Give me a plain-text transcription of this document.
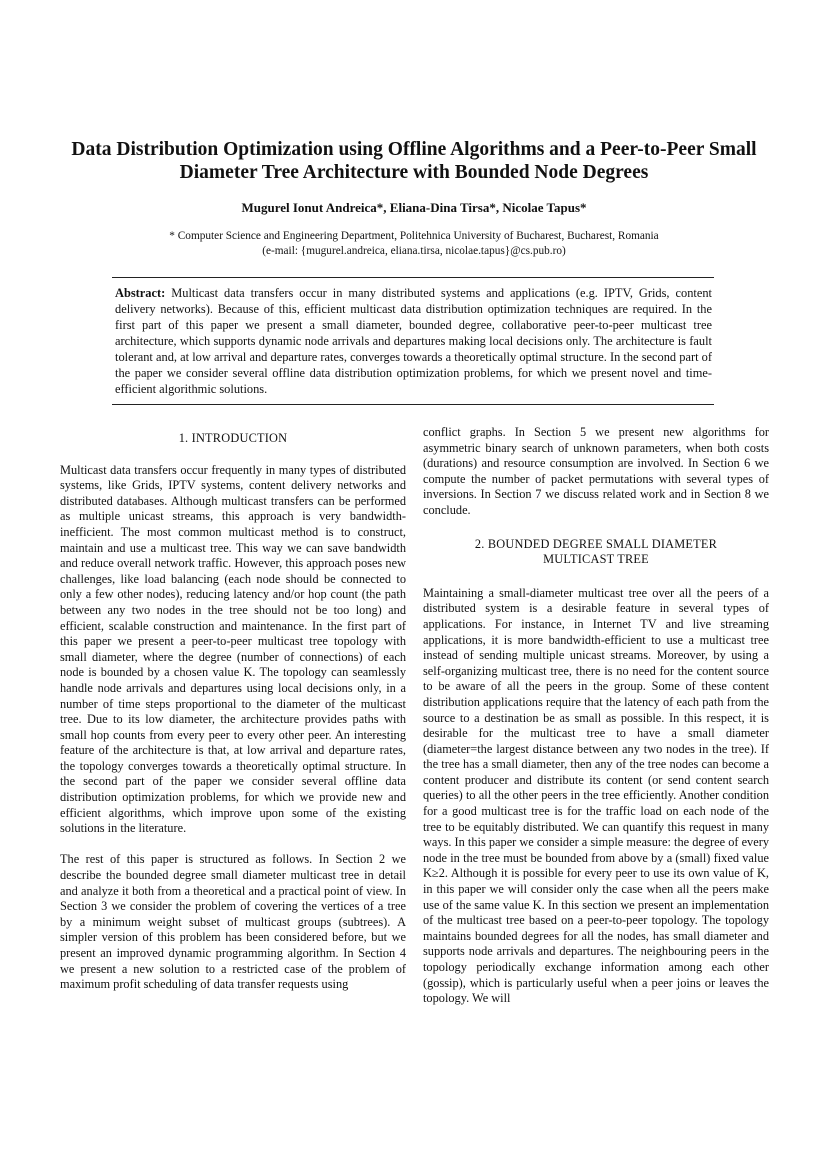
Data Distribution Optimization using Offline Algorithms and a Peer-to-Peer Small Diameter Tree Architecture with Bounded Node Degrees
Mugurel Ionut Andreica*, Eliana-Dina Tirsa*, Nicolae Tapus*
* Computer Science and Engineering Department, Politehnica University of Bucharest, Bucharest, Romania
(e-mail: {mugurel.andreica, eliana.tirsa, nicolae.tapus}@cs.pub.ro)

Abstract: Multicast data transfers occur in many distributed systems and applications (e.g. IPTV, Grids, content delivery networks). Because of this, efficient multicast data distribution optimization techniques are required. In the first part of this paper we present a small diameter, bounded degree, collaborative peer-to-peer multicast tree architecture, which supports dynamic node arrivals and departures making local decisions only. The architecture is fault tolerant and, at low arrival and departure rates, converges towards a theoretically optimal structure. In the second part of the paper we consider several offline data distribution optimization problems, for which we present novel and time-efficient algorithmic solutions.

1. INTRODUCTION

Multicast data transfers occur frequently in many types of distributed systems, like Grids, IPTV systems, content delivery networks and distributed databases. Although multicast transfers can be performed as multiple unicast streams, this approach is very bandwidth-inefficient. The most common multicast method is to construct, maintain and use a multicast tree. This way we can save bandwidth and reduce overall network traffic. However, this approach poses new challenges, like load balancing (each node should be connected to only a few other nodes), reducing latency and/or hop count (the path between any two nodes in the tree should not be too long) and efficient, scalable construction and maintenance. In the first part of this paper we present a peer-to-peer multicast tree topology with small diameter, where the degree (number of connections) of each node is bounded by a chosen value K. The topology can seamlessly handle node arrivals and departures using local decisions only, in a number of time steps proportional to the diameter of the multicast tree. Due to its low diameter, the architecture provides paths with small hop counts from every peer to every other peer. An interesting feature of the architecture is that, at low arrival and departure rates, the topology converges towards a theoretically optimal structure. In the second part of the paper we consider several offline data distribution optimization problems, for which we provide new and efficient algorithms, which improve upon some of the existing solutions in the literature.

The rest of this paper is structured as follows. In Section 2 we describe the bounded degree small diameter multicast tree in detail and analyze it both from a theoretical and a practical point of view. In Section 3 we consider the problem of covering the vertices of a tree by a minimum weight subset of multicast groups (subtrees). A simpler version of this problem has been considered before, but we present an improved dynamic programming algorithm. In Section 4 we present a new solution to a restricted case of the problem of maximum profit scheduling of data transfer requests using

conflict graphs. In Section 5 we present new algorithms for asymmetric binary search of unknown parameters, when both costs (durations) and resource consumption are involved. In Section 6 we compute the number of packet permutations with several types of inversions. In Section 7 we discuss related work and in Section 8 we conclude.

2. BOUNDED DEGREE SMALL DIAMETER
MULTICAST TREE

Maintaining a small-diameter multicast tree over all the peers of a distributed system is a desirable feature in several types of applications. For instance, in Internet TV and live streaming applications, it is more bandwidth-efficient to use a multicast tree instead of sending multiple unicast streams. Moreover, by using a self-organizing multicast tree, there is no need for the content source to be aware of all the peers in the group. Some of these content distribution applications require that the latency of each path from the source to a destination be as small as possible. In this respect, it is desirable for the multicast tree to have a small diameter (diameter=the largest distance between any two nodes in the tree). If the tree has a small diameter, then any of the tree nodes can become a content producer and distribute its content (or send content search queries) to all the other peers in the tree efficiently. Another condition for a good multicast tree is for the traffic load on each node of the tree to be equitably distributed. We can quantify this request in many ways. In this paper we consider a simple measure: the degree of every node in the tree must be bounded from above by a (small) fixed value K≥2. Although it is possible for every peer to use its own value of K, in this paper we will consider only the case when all the peers make use of the same value K. In this section we present an implementation of the multicast tree based on a peer-to-peer topology. The topology maintains bounded degrees for all the nodes, has small diameter and supports node arrivals and departures. The neighbouring peers in the topology periodically exchange information among each other (gossip), which is particularly useful when a peer joins or leaves the topology. We will
